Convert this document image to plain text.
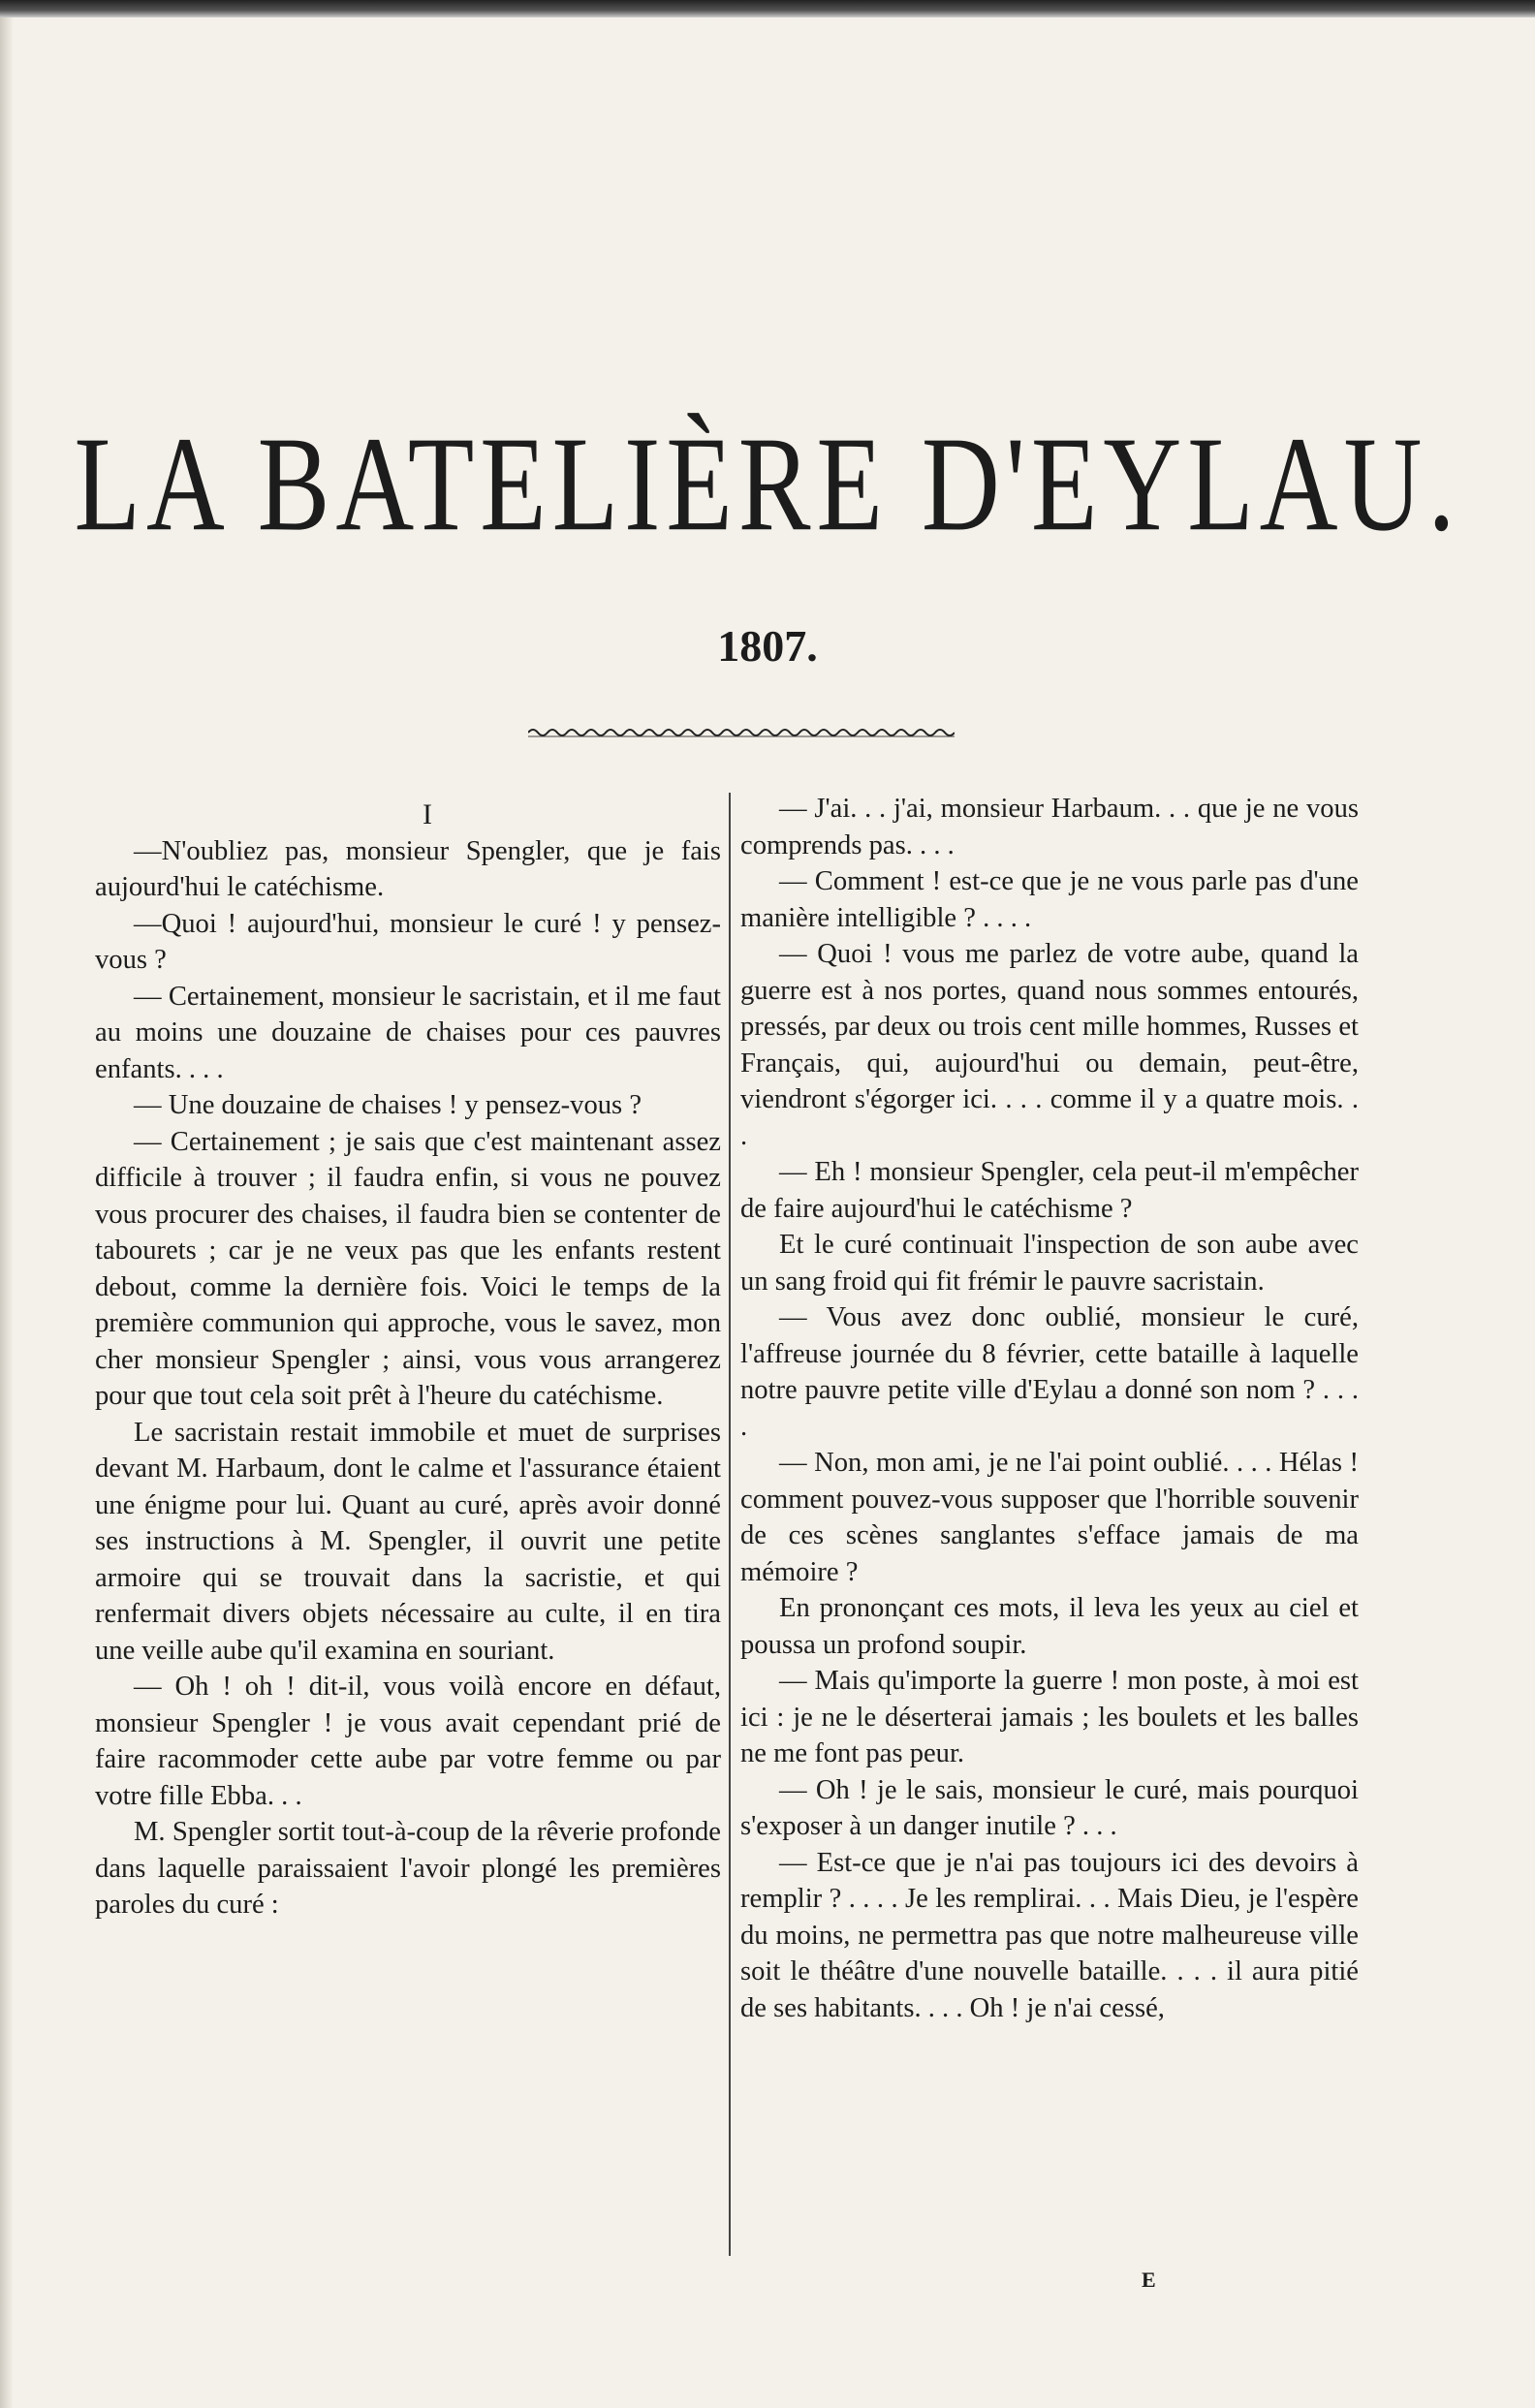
LA BATELIÈRE D'EYLAU.
1807.

I

—N'oubliez pas, monsieur Spengler, que je fais aujourd'hui le catéchisme.

—Quoi ! aujourd'hui, monsieur le curé ! y pensez-vous ?

— Certainement, monsieur le sacristain, et il me faut au moins une douzaine de chaises pour ces pauvres enfants. . . .

— Une douzaine de chaises ! y pensez-vous ?

— Certainement ; je sais que c'est maintenant assez difficile à trouver ; il faudra enfin, si vous ne pouvez vous procurer des chaises, il faudra bien se contenter de tabourets ; car je ne veux pas que les enfants restent debout, comme la dernière fois. Voici le temps de la première communion qui approche, vous le savez, mon cher monsieur Spengler ; ainsi, vous vous arrangerez pour que tout cela soit prêt à l'heure du catéchisme.

Le sacristain restait immobile et muet de surprises devant M. Harbaum, dont le calme et l'assurance étaient une énigme pour lui. Quant au curé, après avoir donné ses instructions à M. Spengler, il ouvrit une petite armoire qui se trouvait dans la sacristie, et qui renfermait divers objets nécessaire au culte, il en tira une veille aube qu'il examina en souriant.

— Oh ! oh ! dit-il, vous voilà encore en défaut, monsieur Spengler ! je vous avait cependant prié de faire racommoder cette aube par votre femme ou par votre fille Ebba. . .

M. Spengler sortit tout-à-coup de la rêverie profonde dans laquelle paraissaient l'avoir plongé les premières paroles du curé :

— J'ai. . . j'ai, monsieur Harbaum. . . que je ne vous comprends pas. . . .

— Comment ! est-ce que je ne vous parle pas d'une manière intelligible ? . . . .

— Quoi ! vous me parlez de votre aube, quand la guerre est à nos portes, quand nous sommes entourés, pressés, par deux ou trois cent mille hommes, Russes et Français, qui, aujourd'hui ou demain, peut-être, viendront s'égorger ici. . . . comme il y a quatre mois. . .

— Eh ! monsieur Spengler, cela peut-il m'empêcher de faire aujourd'hui le catéchisme ?

Et le curé continuait l'inspection de son aube avec un sang froid qui fit frémir le pauvre sacristain.

— Vous avez donc oublié, monsieur le curé, l'affreuse journée du 8 février, cette bataille à laquelle notre pauvre petite ville d'Eylau a donné son nom ? . . . .

— Non, mon ami, je ne l'ai point oublié. . . . Hélas ! comment pouvez-vous supposer que l'horrible souvenir de ces scènes sanglantes s'efface jamais de ma mémoire ?

En prononçant ces mots, il leva les yeux au ciel et poussa un profond soupir.

— Mais qu'importe la guerre ! mon poste, à moi est ici : je ne le déserterai jamais ; les boulets et les balles ne me font pas peur.

— Oh ! je le sais, monsieur le curé, mais pourquoi s'exposer à un danger inutile ? . . .

— Est-ce que je n'ai pas toujours ici des devoirs à remplir ? . . . . Je les remplirai. . . Mais Dieu, je l'espère du moins, ne permettra pas que notre malheureuse ville soit le théâtre d'une nouvelle bataille. . . . il aura pitié de ses habitants. . . . Oh ! je n'ai cessé,

E
